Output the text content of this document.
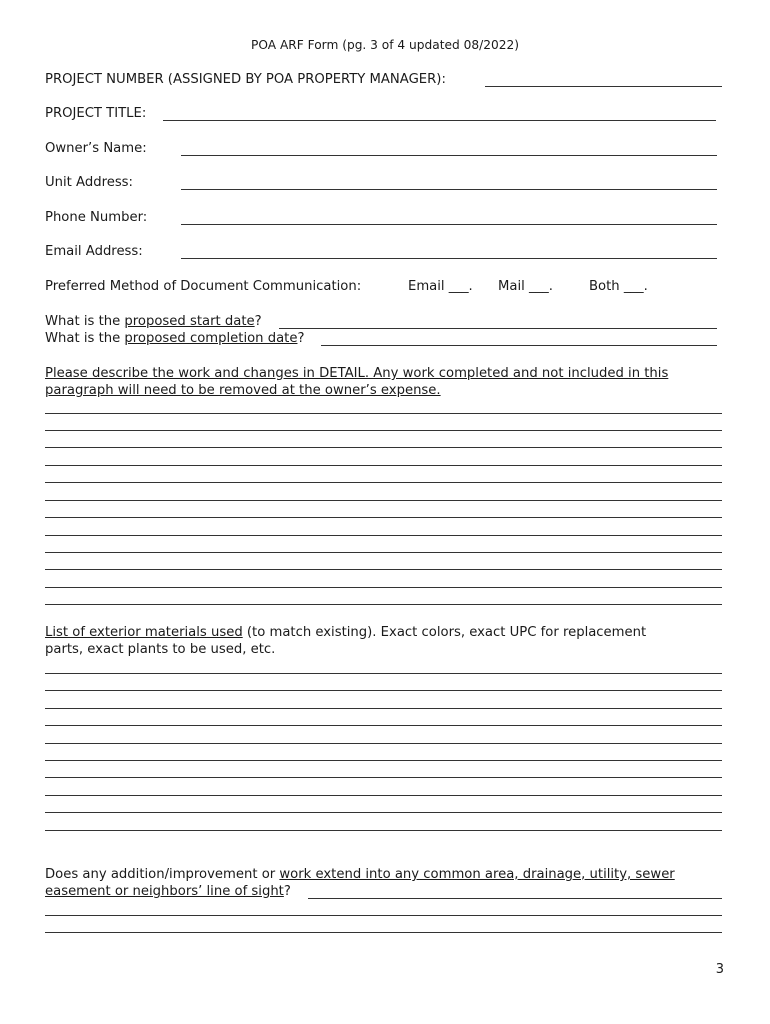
POA ARF Form (pg. 3 of 4 updated 08/2022)
PROJECT NUMBER (ASSIGNED BY POA PROPERTY MANAGER):
PROJECT TITLE:
Owner’s Name:
Unit Address:
Phone Number:
Email Address:
Preferred Method of Document Communication:	Email ___. Mail ___.	Both ___.
What is the proposed start date?
What is the proposed completion date?
Please describe the work and changes in DETAIL. Any work completed and not included in this
paragraph will need to be removed at the owner’s expense.
List of exterior materials used (to match existing). Exact colors, exact UPC for replacement
parts, exact plants to be used, etc.
Does any addition/improvement or work extend into any common area, drainage, utility, sewer
easement or neighbors’ line of sight?
3
